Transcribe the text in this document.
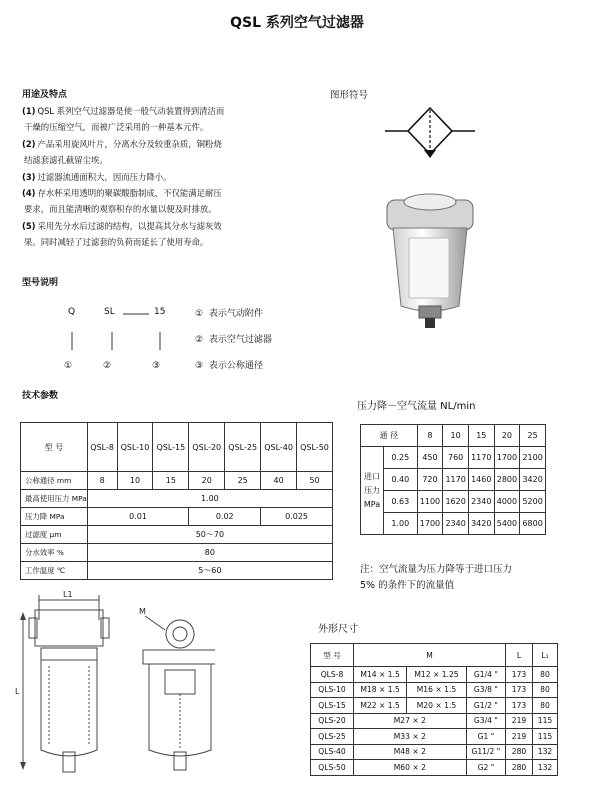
QSL 系列空气过滤器
用途及特点
(1) QSL 系列空气过滤器是使一般气动装置得到清洁而
干燥的压缩空气，而被广泛采用的一种基本元件。
(2) 产品采用旋风叶片，分离水分及较重杂质，铜粉烧
结滤套滤孔截留尘埃。
(3) 过滤器流通面积大，因而压力降小。
(4) 存水杯采用透明的聚碳酸脂制成，不仅能满足耐压
要求，而且能清晰的观察积存的水量以便及时排放。
(5) 采用先分水后过滤的结构，以提高其分水与滤灰效
果。同时减轻了过滤套的负荷而延长了使用寿命。
图形符号
型号说明
Q	SL	15
①	②	③
① 表示气动附件
② 表示空气过滤器
③ 表示公称通径
技术参数
型 号	QSL-8	QSL-10	QSL-15	QSL-20	QSL-25	QSL-40	QSL-50
公称通径 mm	8	10	15	20	25	40	50
最高使用压力 MPa	1.00						
压力降 MPa	0.01			0.02		0.025	
过滤度 μm	50～70						
分水效率 %	80						
工作温度 ℃	5～60						
压力降－空气流量 NL/min
通 径		8	10	15	20	25
进口
压力
MPa	0.25	450	760	1170	1700	2100
	0.40	720	1170	1460	2800	3420
	0.63	1100	1620	2340	4000	5200
	1.00	1700	2340	3420	5400	6800
注：空气流量为压力降等于进口压力
5% 的条件下的流量值
外形尺寸
型 号	M			L	L₁
QLS-8	M14 × 1.5	M12 × 1.25	G1/4 "	173	80
QLS-10	M18 × 1.5	M16 × 1.5	G3/8 "	173	80
QLS-15	M22 × 1.5	M20 × 1.5	G1/2 "	173	80
QLS-20	M27 × 2		G3/4 "	219	115
QLS-25	M33 × 2		G1 "	219	115
QLS-40	M48 × 2		G11/2 "	280	132
QLS-50	M60 × 2		G2 "	280	132
L1
L
M
